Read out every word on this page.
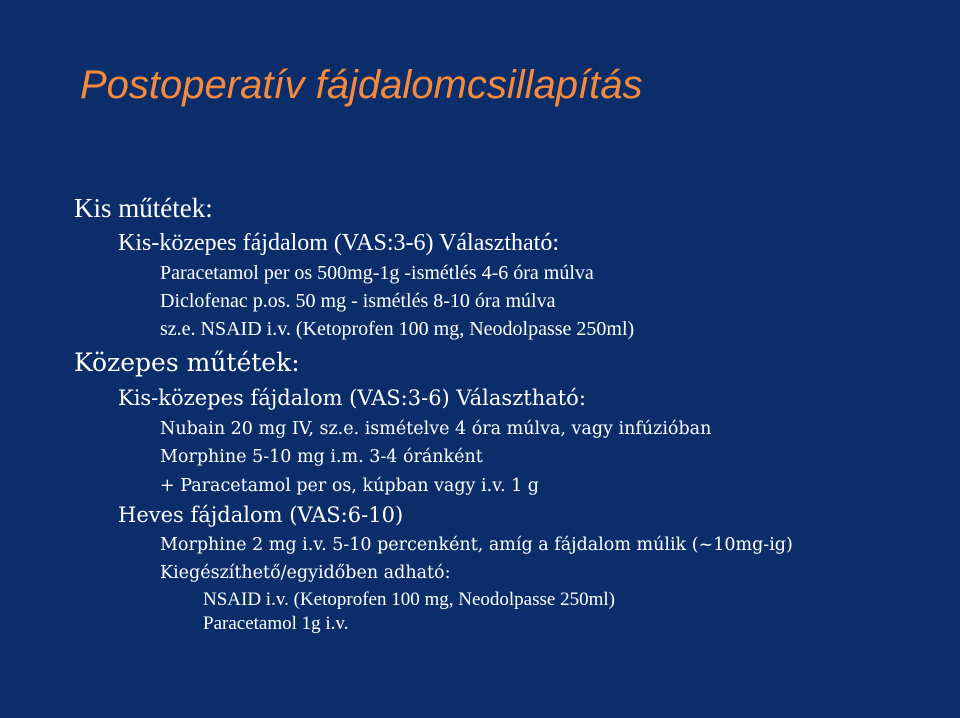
Postoperatív fájdalomcsillapítás

Kis műtétek:

Kis-közepes fájdalom (VAS:3-6) Választható:

Paracetamol per os 500mg-1g -ismétlés 4-6 óra múlva

Diclofenac p.os. 50 mg - ismétlés 8-10 óra múlva

sz.e. NSAID i.v. (Ketoprofen 100 mg, Neodolpasse 250ml)

Közepes műtétek:

Kis-közepes fájdalom (VAS:3-6) Választható:

Nubain 20 mg IV, sz.e. ismételve 4 óra múlva, vagy infúzióban

Morphine 5-10 mg i.m. 3-4 óránként

+ Paracetamol per os, kúpban vagy i.v. 1 g

Heves fájdalom (VAS:6-10)

Morphine 2 mg i.v. 5-10 percenként, amíg a fájdalom múlik (~10mg-ig)

Kiegészíthető/egyidőben adható:

NSAID i.v. (Ketoprofen 100 mg, Neodolpasse 250ml)

Paracetamol 1g i.v.
